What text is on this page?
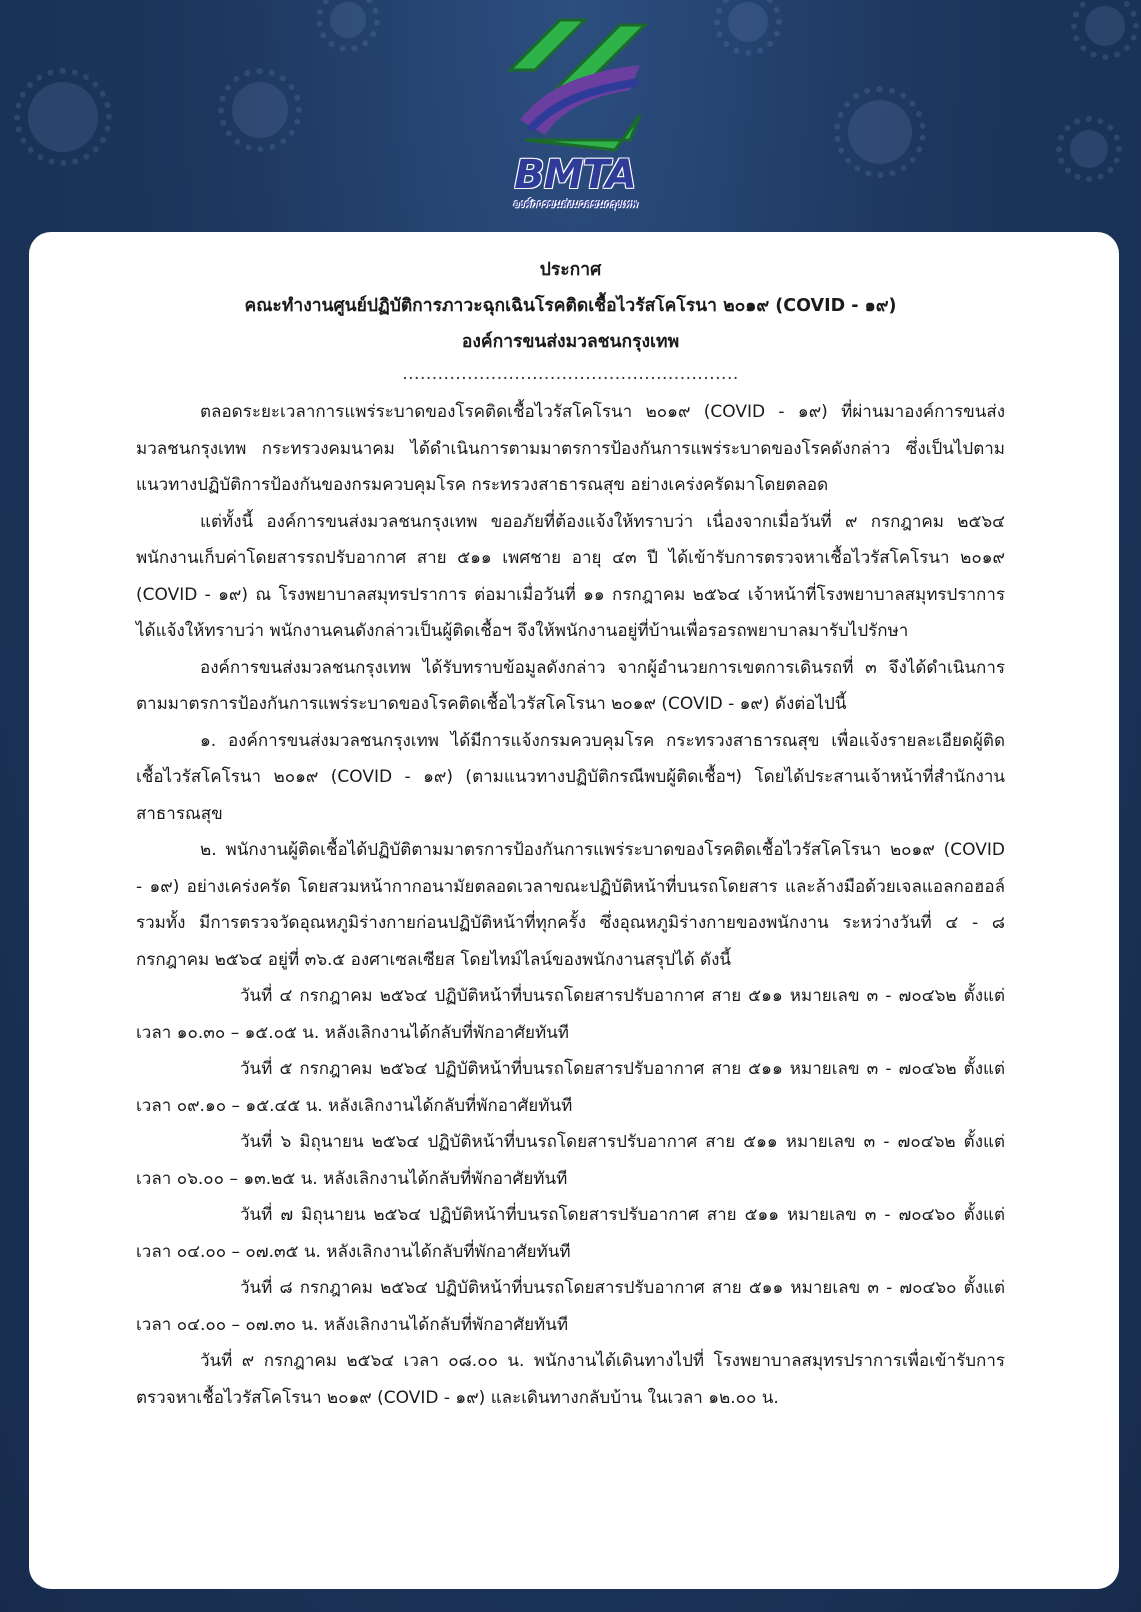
BMTA
องค์การขนส่งมวลชนกรุงเทพ
ประกาศ
คณะทำงานศูนย์ปฏิบัติการภาวะฉุกเฉินโรคติดเชื้อไวรัสโคโรนา ๒๐๑๙ (COVID - ๑๙)
องค์การขนส่งมวลชนกรุงเทพ
.........................................................

ตลอดระยะเวลาการแพร่ระบาดของโรคติดเชื้อไวรัสโคโรนา ๒๐๑๙ (COVID - ๑๙) ที่ผ่านมาองค์การขนส่งมวลชนกรุงเทพ กระทรวงคมนาคม ได้ดำเนินการตามมาตรการป้องกันการแพร่ระบาดของโรคดังกล่าว ซึ่งเป็นไปตามแนวทางปฏิบัติการป้องกันของกรมควบคุมโรค กระทรวงสาธารณสุข อย่างเคร่งครัดมาโดยตลอด

แต่ทั้งนี้ องค์การขนส่งมวลชนกรุงเทพ ขออภัยที่ต้องแจ้งให้ทราบว่า เนื่องจากเมื่อวันที่ ๙ กรกฎาคม ๒๕๖๔ พนักงานเก็บค่าโดยสารรถปรับอากาศ สาย ๕๑๑ เพศชาย อายุ ๔๓ ปี ได้เข้ารับการตรวจหาเชื้อไวรัสโคโรนา ๒๐๑๙ (COVID - ๑๙) ณ โรงพยาบาลสมุทรปราการ ต่อมาเมื่อวันที่ ๑๑ กรกฎาคม ๒๕๖๔ เจ้าหน้าที่โรงพยาบาลสมุทรปราการ ได้แจ้งให้ทราบว่า พนักงานคนดังกล่าวเป็นผู้ติดเชื้อฯ จึงให้พนักงานอยู่ที่บ้านเพื่อรอรถพยาบาลมารับไปรักษา

องค์การขนส่งมวลชนกรุงเทพ ได้รับทราบข้อมูลดังกล่าว จากผู้อำนวยการเขตการเดินรถที่ ๓ จึงได้ดำเนินการตามมาตรการป้องกันการแพร่ระบาดของโรคติดเชื้อไวรัสโคโรนา ๒๐๑๙ (COVID - ๑๙) ดังต่อไปนี้

๑. องค์การขนส่งมวลชนกรุงเทพ ได้มีการแจ้งกรมควบคุมโรค กระทรวงสาธารณสุข เพื่อแจ้งรายละเอียดผู้ติดเชื้อไวรัสโคโรนา ๒๐๑๙ (COVID - ๑๙) (ตามแนวทางปฏิบัติกรณีพบผู้ติดเชื้อฯ) โดยได้ประสานเจ้าหน้าที่สำนักงานสาธารณสุข

๒. พนักงานผู้ติดเชื้อได้ปฏิบัติตามมาตรการป้องกันการแพร่ระบาดของโรคติดเชื้อไวรัสโคโรนา ๒๐๑๙ (COVID - ๑๙) อย่างเคร่งครัด โดยสวมหน้ากากอนามัยตลอดเวลาขณะปฏิบัติหน้าที่บนรถโดยสาร และล้างมือด้วยเจลแอลกอฮอล์ รวมทั้ง มีการตรวจวัดอุณหภูมิร่างกายก่อนปฏิบัติหน้าที่ทุกครั้ง ซึ่งอุณหภูมิร่างกายของพนักงาน ระหว่างวันที่ ๔ - ๘ กรกฎาคม ๒๕๖๔ อยู่ที่ ๓๖.๕ องศาเซลเซียส โดยไทม์ไลน์ของพนักงานสรุปได้ ดังนี้

วันที่ ๔ กรกฎาคม ๒๕๖๔ ปฏิบัติหน้าที่บนรถโดยสารปรับอากาศ สาย ๕๑๑ หมายเลข ๓ - ๗๐๔๖๒ ตั้งแต่เวลา ๑๐.๓๐ – ๑๕.๐๕ น. หลังเลิกงานได้กลับที่พักอาศัยทันที

วันที่ ๕ กรกฎาคม ๒๕๖๔ ปฏิบัติหน้าที่บนรถโดยสารปรับอากาศ สาย ๕๑๑ หมายเลข ๓ - ๗๐๔๖๒ ตั้งแต่เวลา ๐๙.๑๐ – ๑๕.๔๕ น. หลังเลิกงานได้กลับที่พักอาศัยทันที

วันที่ ๖ มิถุนายน ๒๕๖๔ ปฏิบัติหน้าที่บนรถโดยสารปรับอากาศ สาย ๕๑๑ หมายเลข ๓ - ๗๐๔๖๒ ตั้งแต่เวลา ๐๖.๐๐ – ๑๓.๒๕ น. หลังเลิกงานได้กลับที่พักอาศัยทันที

วันที่ ๗ มิถุนายน ๒๕๖๔ ปฏิบัติหน้าที่บนรถโดยสารปรับอากาศ สาย ๕๑๑ หมายเลข ๓ - ๗๐๔๖๐ ตั้งแต่เวลา ๐๔.๐๐ – ๐๗.๓๕ น. หลังเลิกงานได้กลับที่พักอาศัยทันที

วันที่ ๘ กรกฎาคม ๒๕๖๔ ปฏิบัติหน้าที่บนรถโดยสารปรับอากาศ สาย ๕๑๑ หมายเลข ๓ - ๗๐๔๖๐ ตั้งแต่เวลา ๐๔.๐๐ – ๐๗.๓๐ น. หลังเลิกงานได้กลับที่พักอาศัยทันที

วันที่ ๙ กรกฎาคม ๒๕๖๔ เวลา ๐๘.๐๐ น. พนักงานได้เดินทางไปที่ โรงพยาบาลสมุทรปราการเพื่อเข้ารับการตรวจหาเชื้อไวรัสโคโรนา ๒๐๑๙ (COVID - ๑๙) และเดินทางกลับบ้าน ในเวลา ๑๒.๐๐ น.
